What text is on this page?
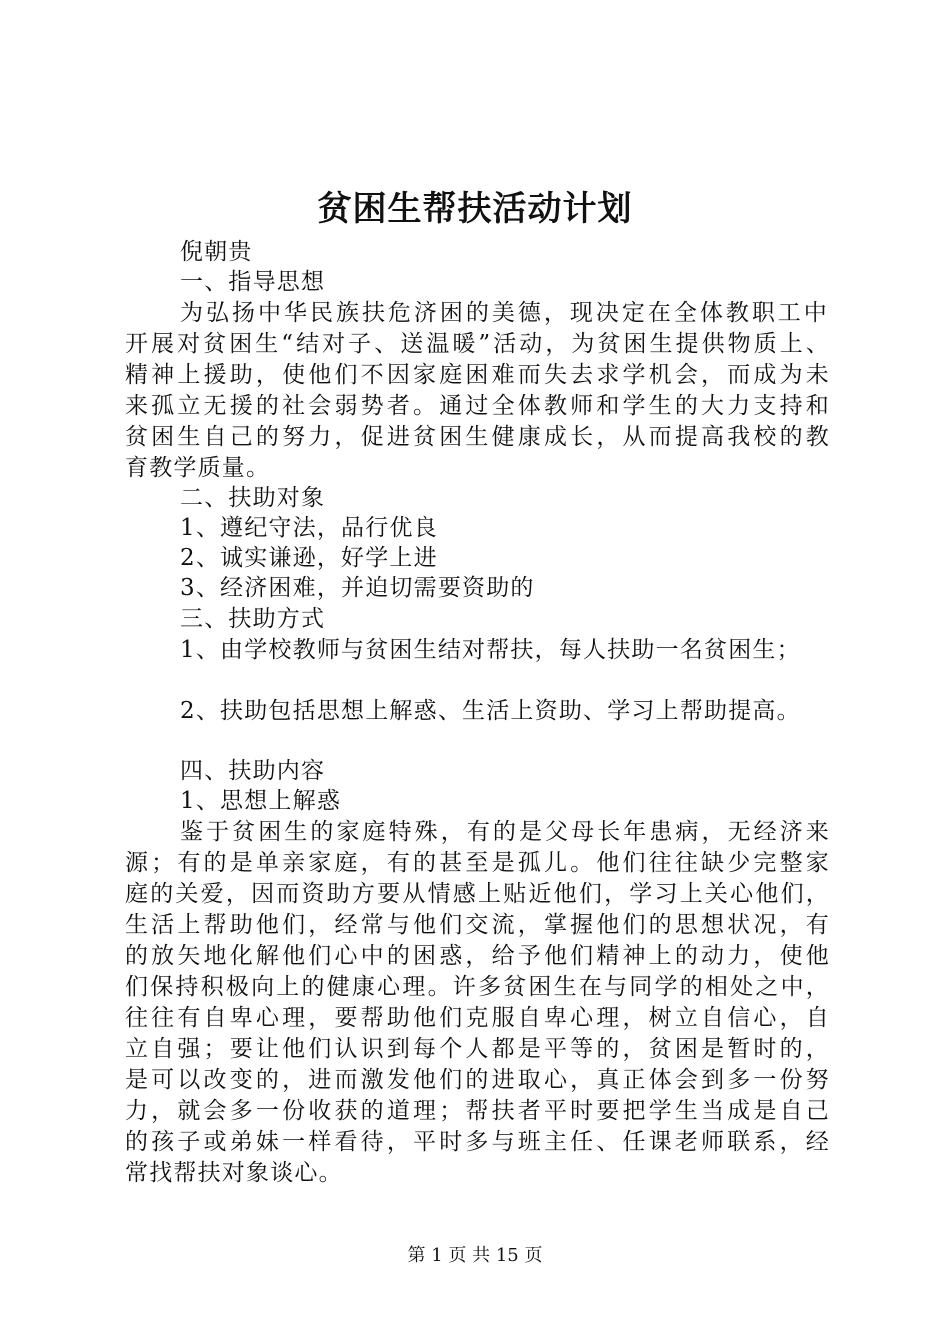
贫困生帮扶活动计划
倪朝贵
一、指导思想
为弘扬中华民族扶危济困的美德，现决定在全体教职工中
开展对贫困生“结对子、送温暖”活动，为贫困生提供物质上、
精神上援助，使他们不因家庭困难而失去求学机会，而成为未
来孤立无援的社会弱势者。通过全体教师和学生的大力支持和
贫困生自己的努力，促进贫困生健康成长，从而提高我校的教
育教学质量。
二、扶助对象
1、遵纪守法，品行优良
2、诚实谦逊，好学上进
3、经济困难，并迫切需要资助的
三、扶助方式
1、由学校教师与贫困生结对帮扶，每人扶助一名贫困生；
2、扶助包括思想上解惑、生活上资助、学习上帮助提高。
四、扶助内容
1、思想上解惑
鉴于贫困生的家庭特殊，有的是父母长年患病，无经济来
源；有的是单亲家庭，有的甚至是孤儿。他们往往缺少完整家
庭的关爱，因而资助方要从情感上贴近他们，学习上关心他们，
生活上帮助他们，经常与他们交流，掌握他们的思想状况，有
的放矢地化解他们心中的困惑，给予他们精神上的动力，使他
们保持积极向上的健康心理。许多贫困生在与同学的相处之中，
往往有自卑心理，要帮助他们克服自卑心理，树立自信心，自
立自强；要让他们认识到每个人都是平等的，贫困是暂时的，
是可以改变的，进而激发他们的进取心，真正体会到多一份努
力，就会多一份收获的道理；帮扶者平时要把学生当成是自己
的孩子或弟妹一样看待，平时多与班主任、任课老师联系，经
常找帮扶对象谈心。
第 1 页 共 15 页
